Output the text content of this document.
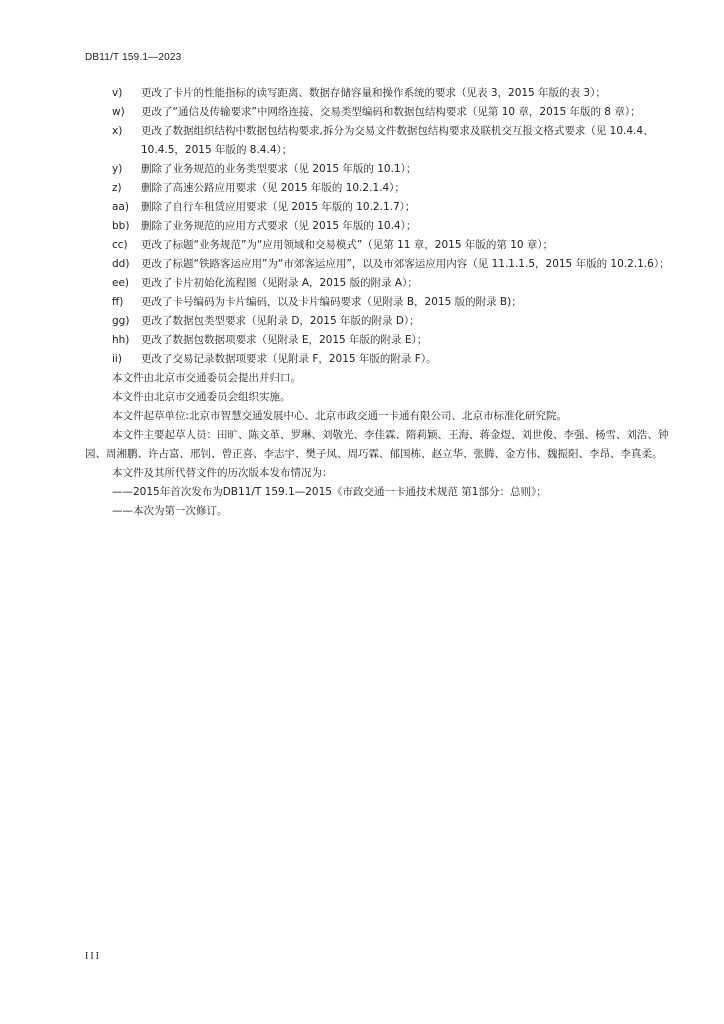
DB11/T 159.1—2023
v)	更改了卡片的性能指标的读写距离、数据存储容量和操作系统的要求（见表 3，2015 年版的表 3）；
w)	更改了“通信及传输要求”中网络连接、交易类型编码和数据包结构要求（见第 10 章，2015 年版的 8 章）；
x)	更改了数据组织结构中数据包结构要求,拆分为交易文件数据包结构要求及联机交互报文格式要求（见 10.4.4、10.4.5，2015 年版的 8.4.4）；
y)	删除了业务规范的业务类型要求（见 2015 年版的 10.1）；
z)	删除了高速公路应用要求（见 2015 年版的 10.2.1.4）；
aa)	删除了自行车租赁应用要求（见 2015 年版的 10.2.1.7）；
bb)	删除了业务规范的应用方式要求（见 2015 年版的 10.4）；
cc)	更改了标题“业务规范”为“应用领域和交易模式”（见第 11 章，2015 年版的第 10 章）；
dd)	更改了标题“铁路客运应用”为“市郊客运应用”，以及市郊客运应用内容（见 11.1.1.5，2015 年版的 10.2.1.6）；
ee)	更改了卡片初始化流程图（见附录 A，2015 版的附录 A）；
ff)	更改了卡号编码为卡片编码，以及卡片编码要求（见附录 B，2015 版的附录 B)；
gg)	更改了数据包类型要求（见附录 D，2015 年版的附录 D）；
hh)	更改了数据包数据项要求（见附录 E，2015 年版的附录 E）；
ii)	更改了交易记录数据项要求（见附录 F，2015 年版的附录 F）。
本文件由北京市交通委员会提出并归口。
本文件由北京市交通委员会组织实施。
本文件起草单位:北京市智慧交通发展中心、北京市政交通一卡通有限公司、北京市标准化研究院。
本文件主要起草人员：田旷、陈文革、罗琳、刘敬光、李佳霖、隋莉颖、王海、蒋金煜、刘世俊、李强、杨雪、刘浩、钟园、周湘鹏、许占富、邢钊、曾正喜、李志宇、樊子凤、周巧霖、郁国栋、赵立华、张腾、金方伟、魏振阳、李昂、李真柔。
本文件及其所代替文件的历次版本发布情况为：
——2015年首次发布为DB11/T 159.1—2015《市政交通一卡通技术规范 第1部分：总则》；
——本次为第一次修订。
III
